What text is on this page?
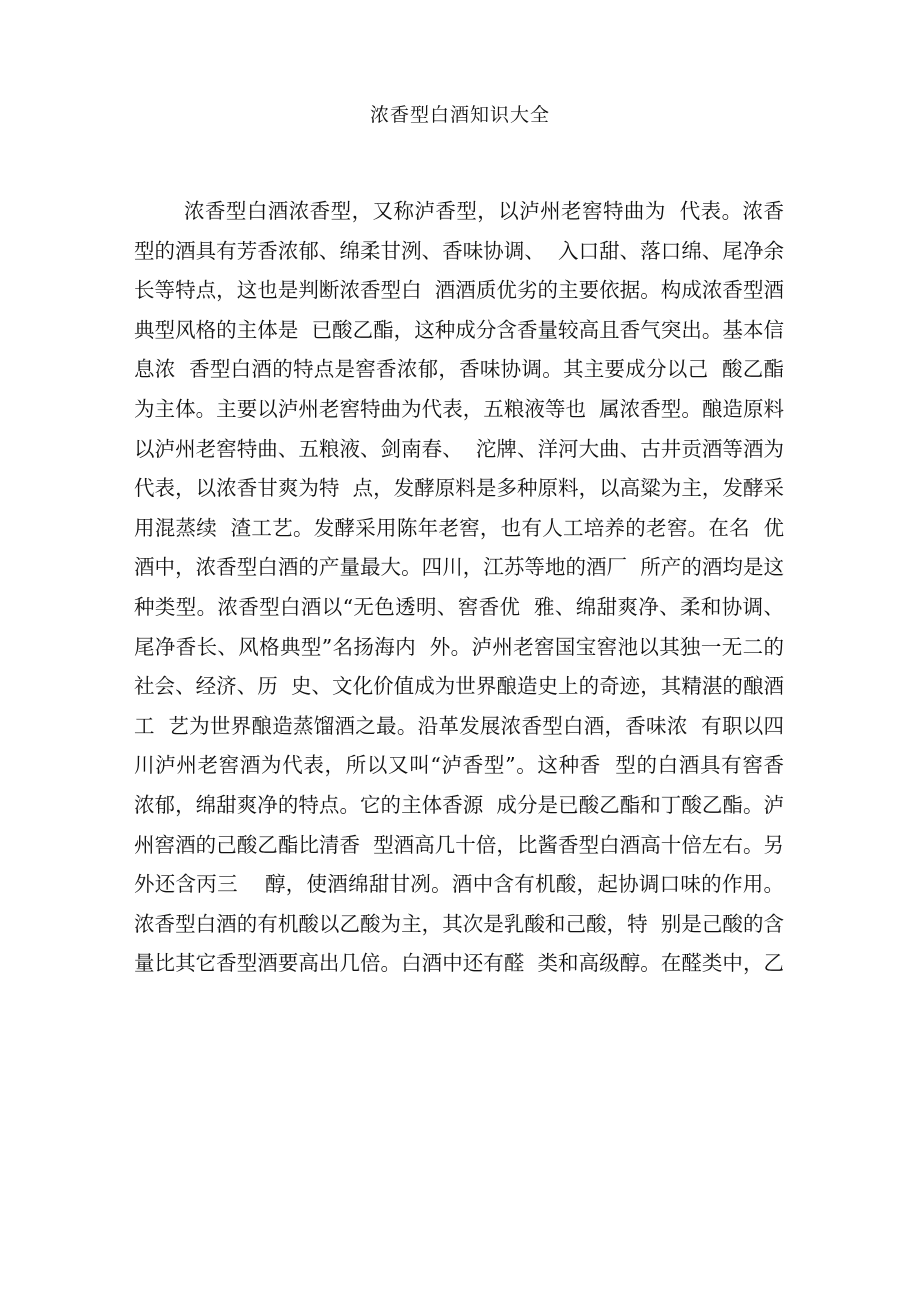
浓香型白酒知识大全
浓香型白酒浓香型，又称泸香型，以泸州老窖特曲为  代表。浓香
型的酒具有芳香浓郁、绵柔甘洌、香味协调、  入口甜、落口绵、尾净余
长等特点，这也是判断浓香型白  酒酒质优劣的主要依据。构成浓香型酒
典型风格的主体是  已酸乙酯，这种成分含香量较高且香气突出。基本信
息浓  香型白酒的特点是窖香浓郁，香味协调。其主要成分以己  酸乙酯
为主体。主要以泸州老窖特曲为代表，五粮液等也  属浓香型。酿造原料
以泸州老窖特曲、五粮液、剑南春、  沱牌、洋河大曲、古井贡酒等酒为
代表，以浓香甘爽为特  点，发酵原料是多种原料，以高粱为主，发酵采
用混蒸续  渣工艺。发酵采用陈年老窖，也有人工培养的老窖。在名  优
酒中，浓香型白酒的产量最大。四川，江苏等地的酒厂  所产的酒均是这
种类型。浓香型白酒以“无色透明、窖香优  雅、绵甜爽净、柔和协调、
尾净香长、风格典型”名扬海内  外。泸州老窖国宝窖池以其独一无二的
社会、经济、历  史、文化价值成为世界酿造史上的奇迹，其精湛的酿酒
工  艺为世界酿造蒸馏酒之最。沿革发展浓香型白酒，香味浓  有职以四
川泸州老窖酒为代表，所以又叫“泸香型”。这种香  型的白酒具有窖香
浓郁，绵甜爽净的特点。它的主体香源  成分是已酸乙酯和丁酸乙酯。泸
州窖酒的己酸乙酯比清香  型酒高几十倍，比酱香型白酒高十倍左右。另
外还含丙三    醇，使酒绵甜甘冽。酒中含有机酸，起协调口味的作用。
浓香型白酒的有机酸以乙酸为主，其次是乳酸和己酸，特  别是己酸的含
量比其它香型酒要高出几倍。白酒中还有醛  类和高级醇。在醛类中，乙
